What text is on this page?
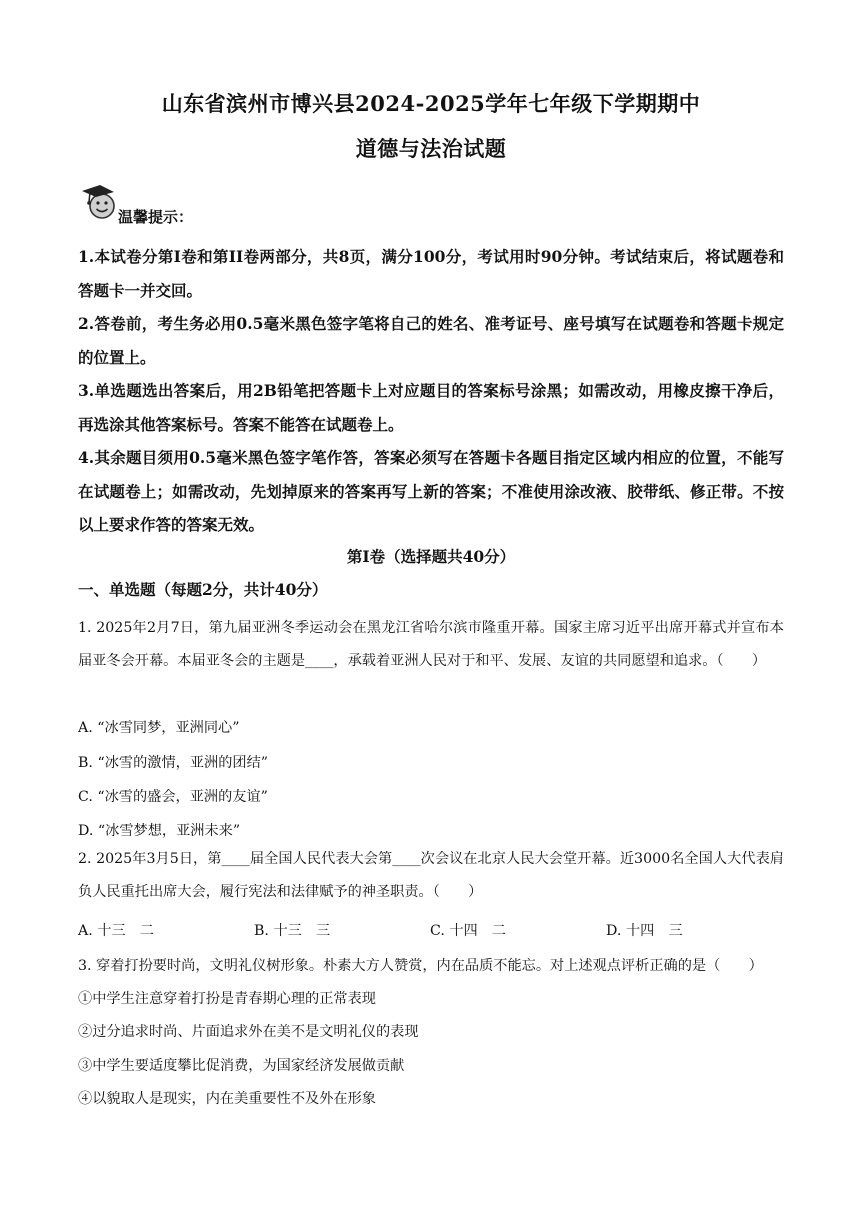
山东省滨州市博兴县2024-2025学年七年级下学期期中
道德与法治试题
温馨提示：
1.本试卷分第Ⅰ卷和第II卷两部分，共8页，满分100分，考试用时90分钟。考试结束后，将试题卷和答题卡一并交回。
2.答卷前，考生务必用0.5毫米黑色签字笔将自己的姓名、准考证号、座号填写在试题卷和答题卡规定的位置上。
3.单选题选出答案后，用2B铅笔把答题卡上对应题目的答案标号涂黑；如需改动，用橡皮擦干净后，再选涂其他答案标号。答案不能答在试题卷上。
4.其余题目须用0.5毫米黑色签字笔作答，答案必须写在答题卡各题目指定区域内相应的位置，不能写在试题卷上；如需改动，先划掉原来的答案再写上新的答案；不准使用涂改液、胶带纸、修正带。不按以上要求作答的答案无效。
第Ⅰ卷（选择题共40分）
一、单选题（每题2分，共计40分）
1. 2025年2月7日，第九届亚洲冬季运动会在黑龙江省哈尔滨市隆重开幕。国家主席习近平出席开幕式并宣布本届亚冬会开幕。本届亚冬会的主题是____，承载着亚洲人民对于和平、发展、友谊的共同愿望和追求。（　　）
A. “冰雪同梦，亚洲同心”
B. “冰雪的激情，亚洲的团结”
C. “冰雪的盛会，亚洲的友谊”
D. “冰雪梦想，亚洲未来”
2. 2025年3月5日，第____届全国人民代表大会第____次会议在北京人民大会堂开幕。近3000名全国人大代表肩负人民重托出席大会，履行宪法和法律赋予的神圣职责。（　　）
A. 十三　二	B. 十三　三	C. 十四　二	D. 十四　三
3. 穿着打扮要时尚，文明礼仪树形象。朴素大方人赞赏，内在品质不能忘。对上述观点评析正确的是（　　）
①中学生注意穿着打扮是青春期心理的正常表现
②过分追求时尚、片面追求外在美不是文明礼仪的表现
③中学生要适度攀比促消费，为国家经济发展做贡献
④以貌取人是现实，内在美重要性不及外在形象
